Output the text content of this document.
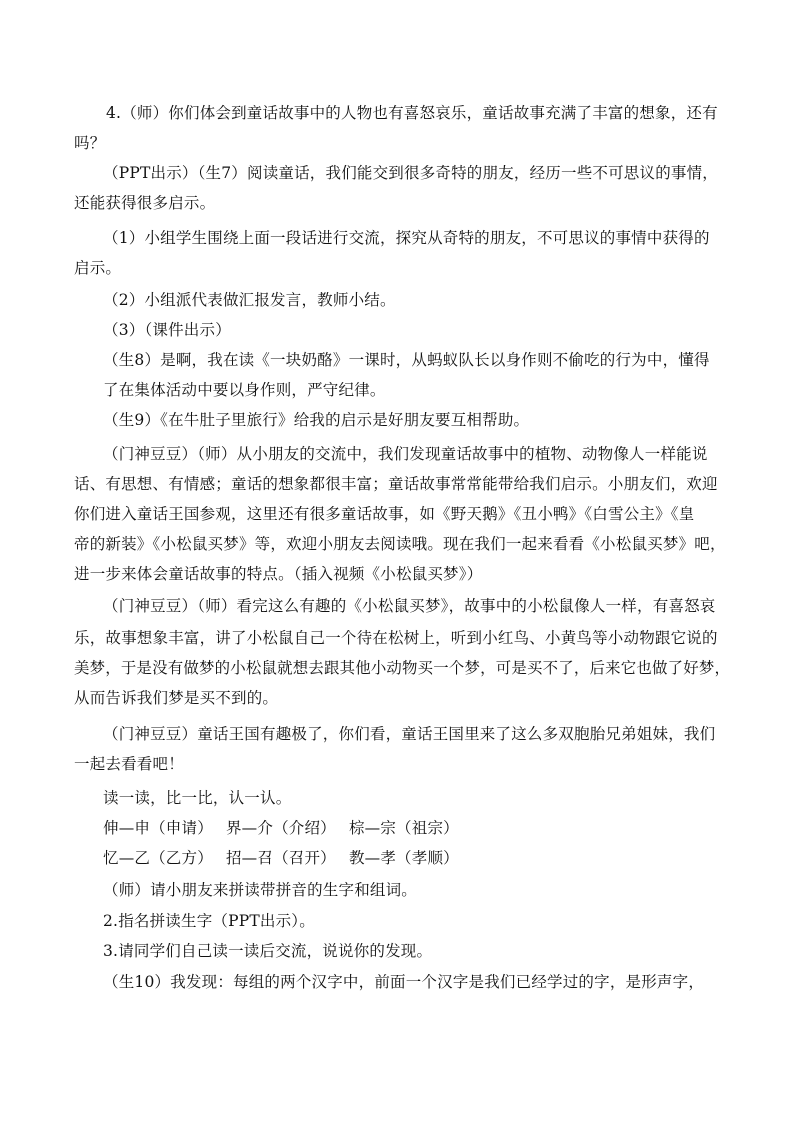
4.（师）你们体会到童话故事中的人物也有喜怒哀乐，童话故事充满了丰富的想象，还有
吗？
（PPT出示）（生7）阅读童话，我们能交到很多奇特的朋友，经历一些不可思议的事情，
还能获得很多启示。
（1）小组学生围绕上面一段话进行交流，探究从奇特的朋友，不可思议的事情中获得的
启示。
（2）小组派代表做汇报发言，教师小结。
（3）（课件出示）
（生8）是啊，我在读《一块奶酪》一课时，从蚂蚁队长以身作则不偷吃的行为中，懂得
了在集体活动中要以身作则，严守纪律。
（生9）《在牛肚子里旅行》给我的启示是好朋友要互相帮助。
（门神豆豆）（师）从小朋友的交流中，我们发现童话故事中的植物、动物像人一样能说
话、有思想、有情感；童话的想象都很丰富；童话故事常常能带给我们启示。小朋友们，欢迎
你们进入童话王国参观，这里还有很多童话故事，如《野天鹅》《丑小鸭》《白雪公主》《皇
帝的新装》《小松鼠买梦》等，欢迎小朋友去阅读哦。现在我们一起来看看《小松鼠买梦》吧，
进一步来体会童话故事的特点。（插入视频《小松鼠买梦》）
（门神豆豆）（师）看完这么有趣的《小松鼠买梦》，故事中的小松鼠像人一样，有喜怒哀
乐，故事想象丰富，讲了小松鼠自己一个待在松树上，听到小红鸟、小黄鸟等小动物跟它说的
美梦，于是没有做梦的小松鼠就想去跟其他小动物买一个梦，可是买不了，后来它也做了好梦，
从而告诉我们梦是买不到的。
（门神豆豆）童话王国有趣极了，你们看，童话王国里来了这么多双胞胎兄弟姐妹，我们
一起去看看吧！
读一读，比一比，认一认。
伸—申（申请）　 界—介（介绍）　 棕—宗（祖宗）
忆—乙（乙方）　 招—召（召开）　 教—孝（孝顺）
（师）请小朋友来拼读带拼音的生字和组词。
2.指名拼读生字（PPT出示）。
3.请同学们自己读一读后交流，说说你的发现。
（生10）我发现：每组的两个汉字中，前面一个汉字是我们已经学过的字，是形声字，
